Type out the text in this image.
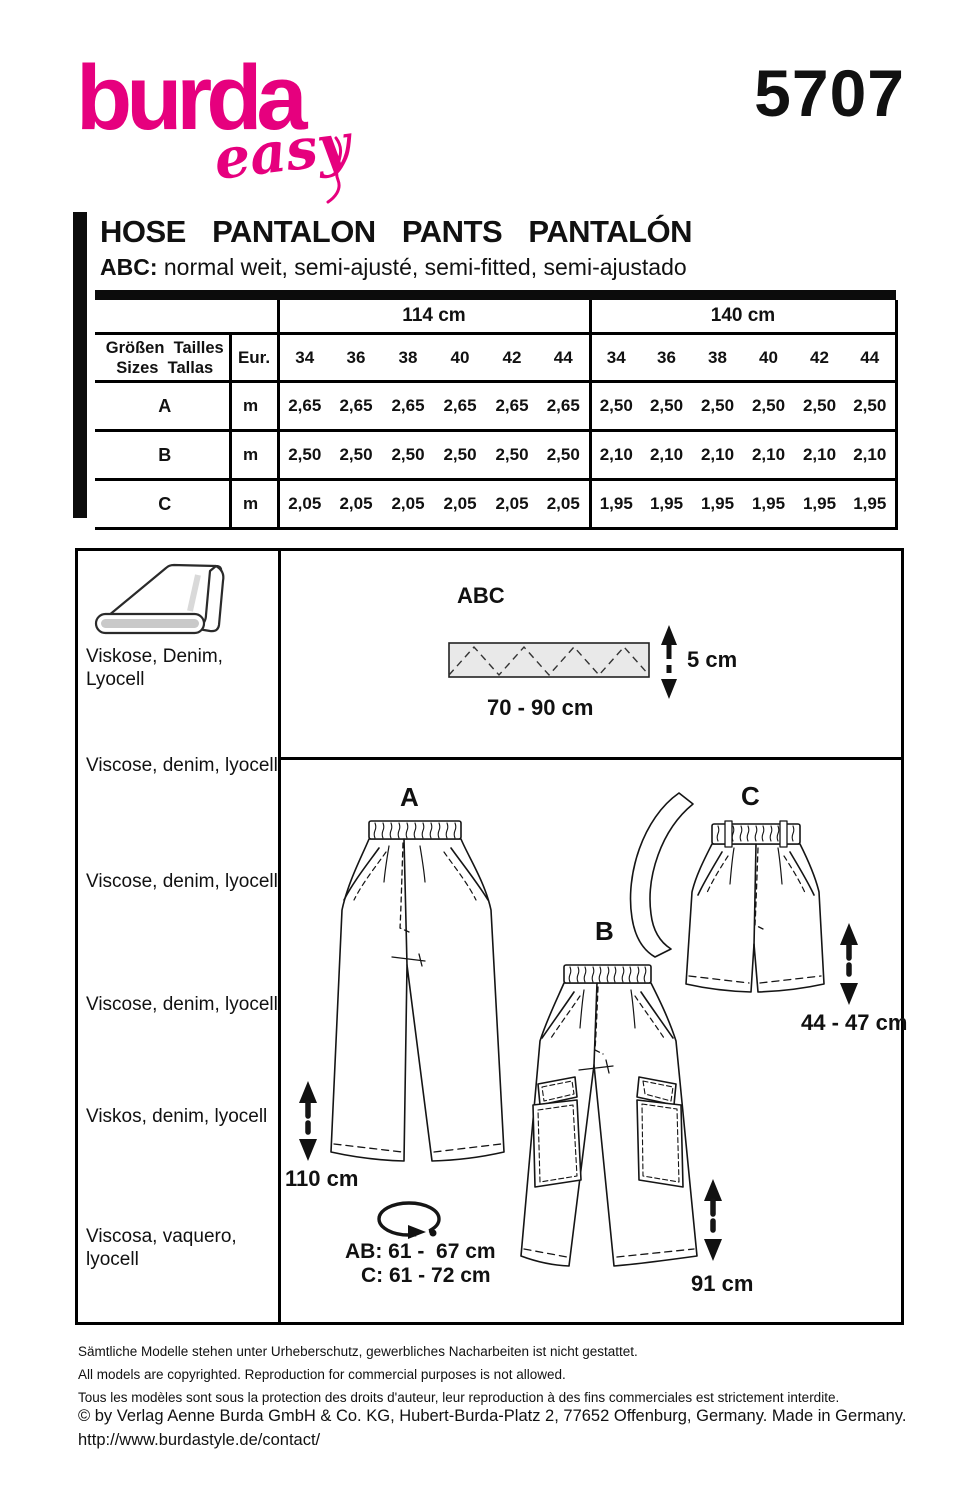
burda
easy
5707
HOSE  PANTALON  PANTS  PANTALÓN
ABC: normal weit, semi-ajusté, semi-fitted, semi-ajustado

		114 cm						140 cm					

Größen  Tailles
Sizes  Tallas	Eur.	34	36	38	40	42	44	34	36	38	40	42	44
A	m	2,65	2,65	2,65	2,65	2,65	2,65	2,50	2,50	2,50	2,50	2,50	2,50
B	m	2,50	2,50	2,50	2,50	2,50	2,50	2,10	2,10	2,10	2,10	2,10	2,10
C	m	2,05	2,05	2,05	2,05	2,05	2,05	1,95	1,95	1,95	1,95	1,95	1,95
Viskose, Denim,
Lyocell
Viscose, denim, lyocell
Viscose, denim, lyocell
Viscose, denim, lyocell
Viskos, denim, lyocell
Viscosa, vaquero,
lyocell
ABC
5 cm
70 - 90 cm
A
B
C
110 cm
44 - 47 cm
91 cm
AB: 61 -  67 cm
C: 61 - 72 cm
Sämtliche Modelle stehen unter Urheberschutz, gewerbliches Nacharbeiten ist nicht gestattet.
All models are copyrighted. Reproduction for commercial purposes is not allowed.
Tous les modèles sont sous la protection des droits d'auteur, leur reproduction à des fins commerciales est strictement interdite.
© by Verlag Aenne Burda GmbH & Co. KG, Hubert-Burda-Platz 2, 77652 Offenburg, Germany. Made in Germany.
http://www.burdastyle.de/contact/
